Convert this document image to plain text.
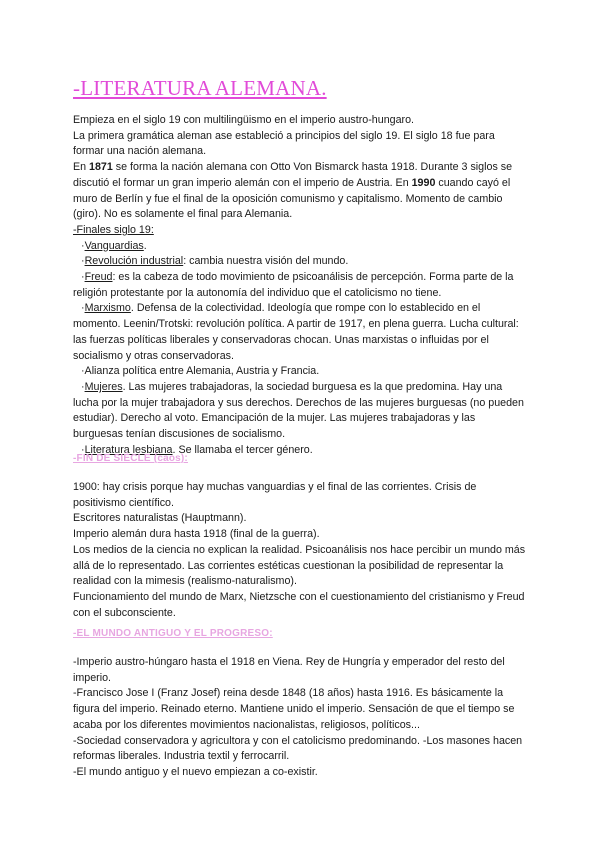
-LITERATURA ALEMANA.

Empieza en el siglo 19 con multilingüismo en el imperio austro-hungaro.

La primera gramática aleman ase estableció a principios del siglo 19. El siglo 18 fue para formar una nación alemana.

En 1871 se forma la nación alemana con Otto Von Bismarck hasta 1918. Durante 3 siglos se discutió el formar un gran imperio alemán con el imperio de Austria. En 1990 cuando cayó el muro de Berlín y fue el final de la oposición comunismo y capitalismo. Momento de cambio (giro). No es solamente el final para Alemania.

-Finales siglo 19:

·Vanguardias.

·Revolución industrial: cambia nuestra visión del mundo.

·Freud: es la cabeza de todo movimiento de psicoanálisis de percepción. Forma parte de la religión protestante por la autonomía del individuo que el catolicismo no tiene.

·Marxismo. Defensa de la colectividad. Ideología que rompe con lo establecido en el momento. Leenin/Trotski: revolución política. A partir de 1917, en plena guerra. Lucha cultural: las fuerzas políticas liberales y conservadoras chocan. Unas marxistas o influidas por el socialismo y otras conservadoras.

·Alianza política entre Alemania, Austria y Francia.

·Mujeres. Las mujeres trabajadoras, la sociedad burguesa es la que predomina. Hay una lucha por la mujer trabajadora y sus derechos. Derechos de las mujeres burguesas (no pueden estudiar). Derecho al voto. Emancipación de la mujer. Las mujeres trabajadoras y las burguesas tenían discusiones de socialismo.

·Literatura lesbiana. Se llamaba el tercer género.

-FIN DE SIÈCLE (caos):

1900: hay crisis porque hay muchas vanguardias y el final de las corrientes. Crisis de positivismo científico.

Escritores naturalistas (Hauptmann).

Imperio alemán dura hasta 1918 (final de la guerra).

Los medios de la ciencia no explican la realidad. Psicoanálisis nos hace percibir un mundo más allá de lo representado. Las corrientes estéticas cuestionan la posibilidad de representar la realidad con la mimesis (realismo-naturalismo).

Funcionamiento del mundo de Marx, Nietzsche con el cuestionamiento del cristianismo y Freud con el subconsciente.

-EL MUNDO ANTIGUO Y EL PROGRESO:

-Imperio austro-húngaro hasta el 1918 en Viena. Rey de Hungría y emperador del resto del imperio.

-Francisco Jose I (Franz Josef) reina desde 1848 (18 años) hasta 1916. Es básicamente la figura del imperio. Reinado eterno. Mantiene unido el imperio. Sensación de que el tiempo se acaba por los diferentes movimientos nacionalistas, religiosos, políticos...

-Sociedad conservadora y agricultora y con el catolicismo predominando. -Los masones hacen reformas liberales. Industria textil y ferrocarril.

-El mundo antiguo y el nuevo empiezan a co-existir.
